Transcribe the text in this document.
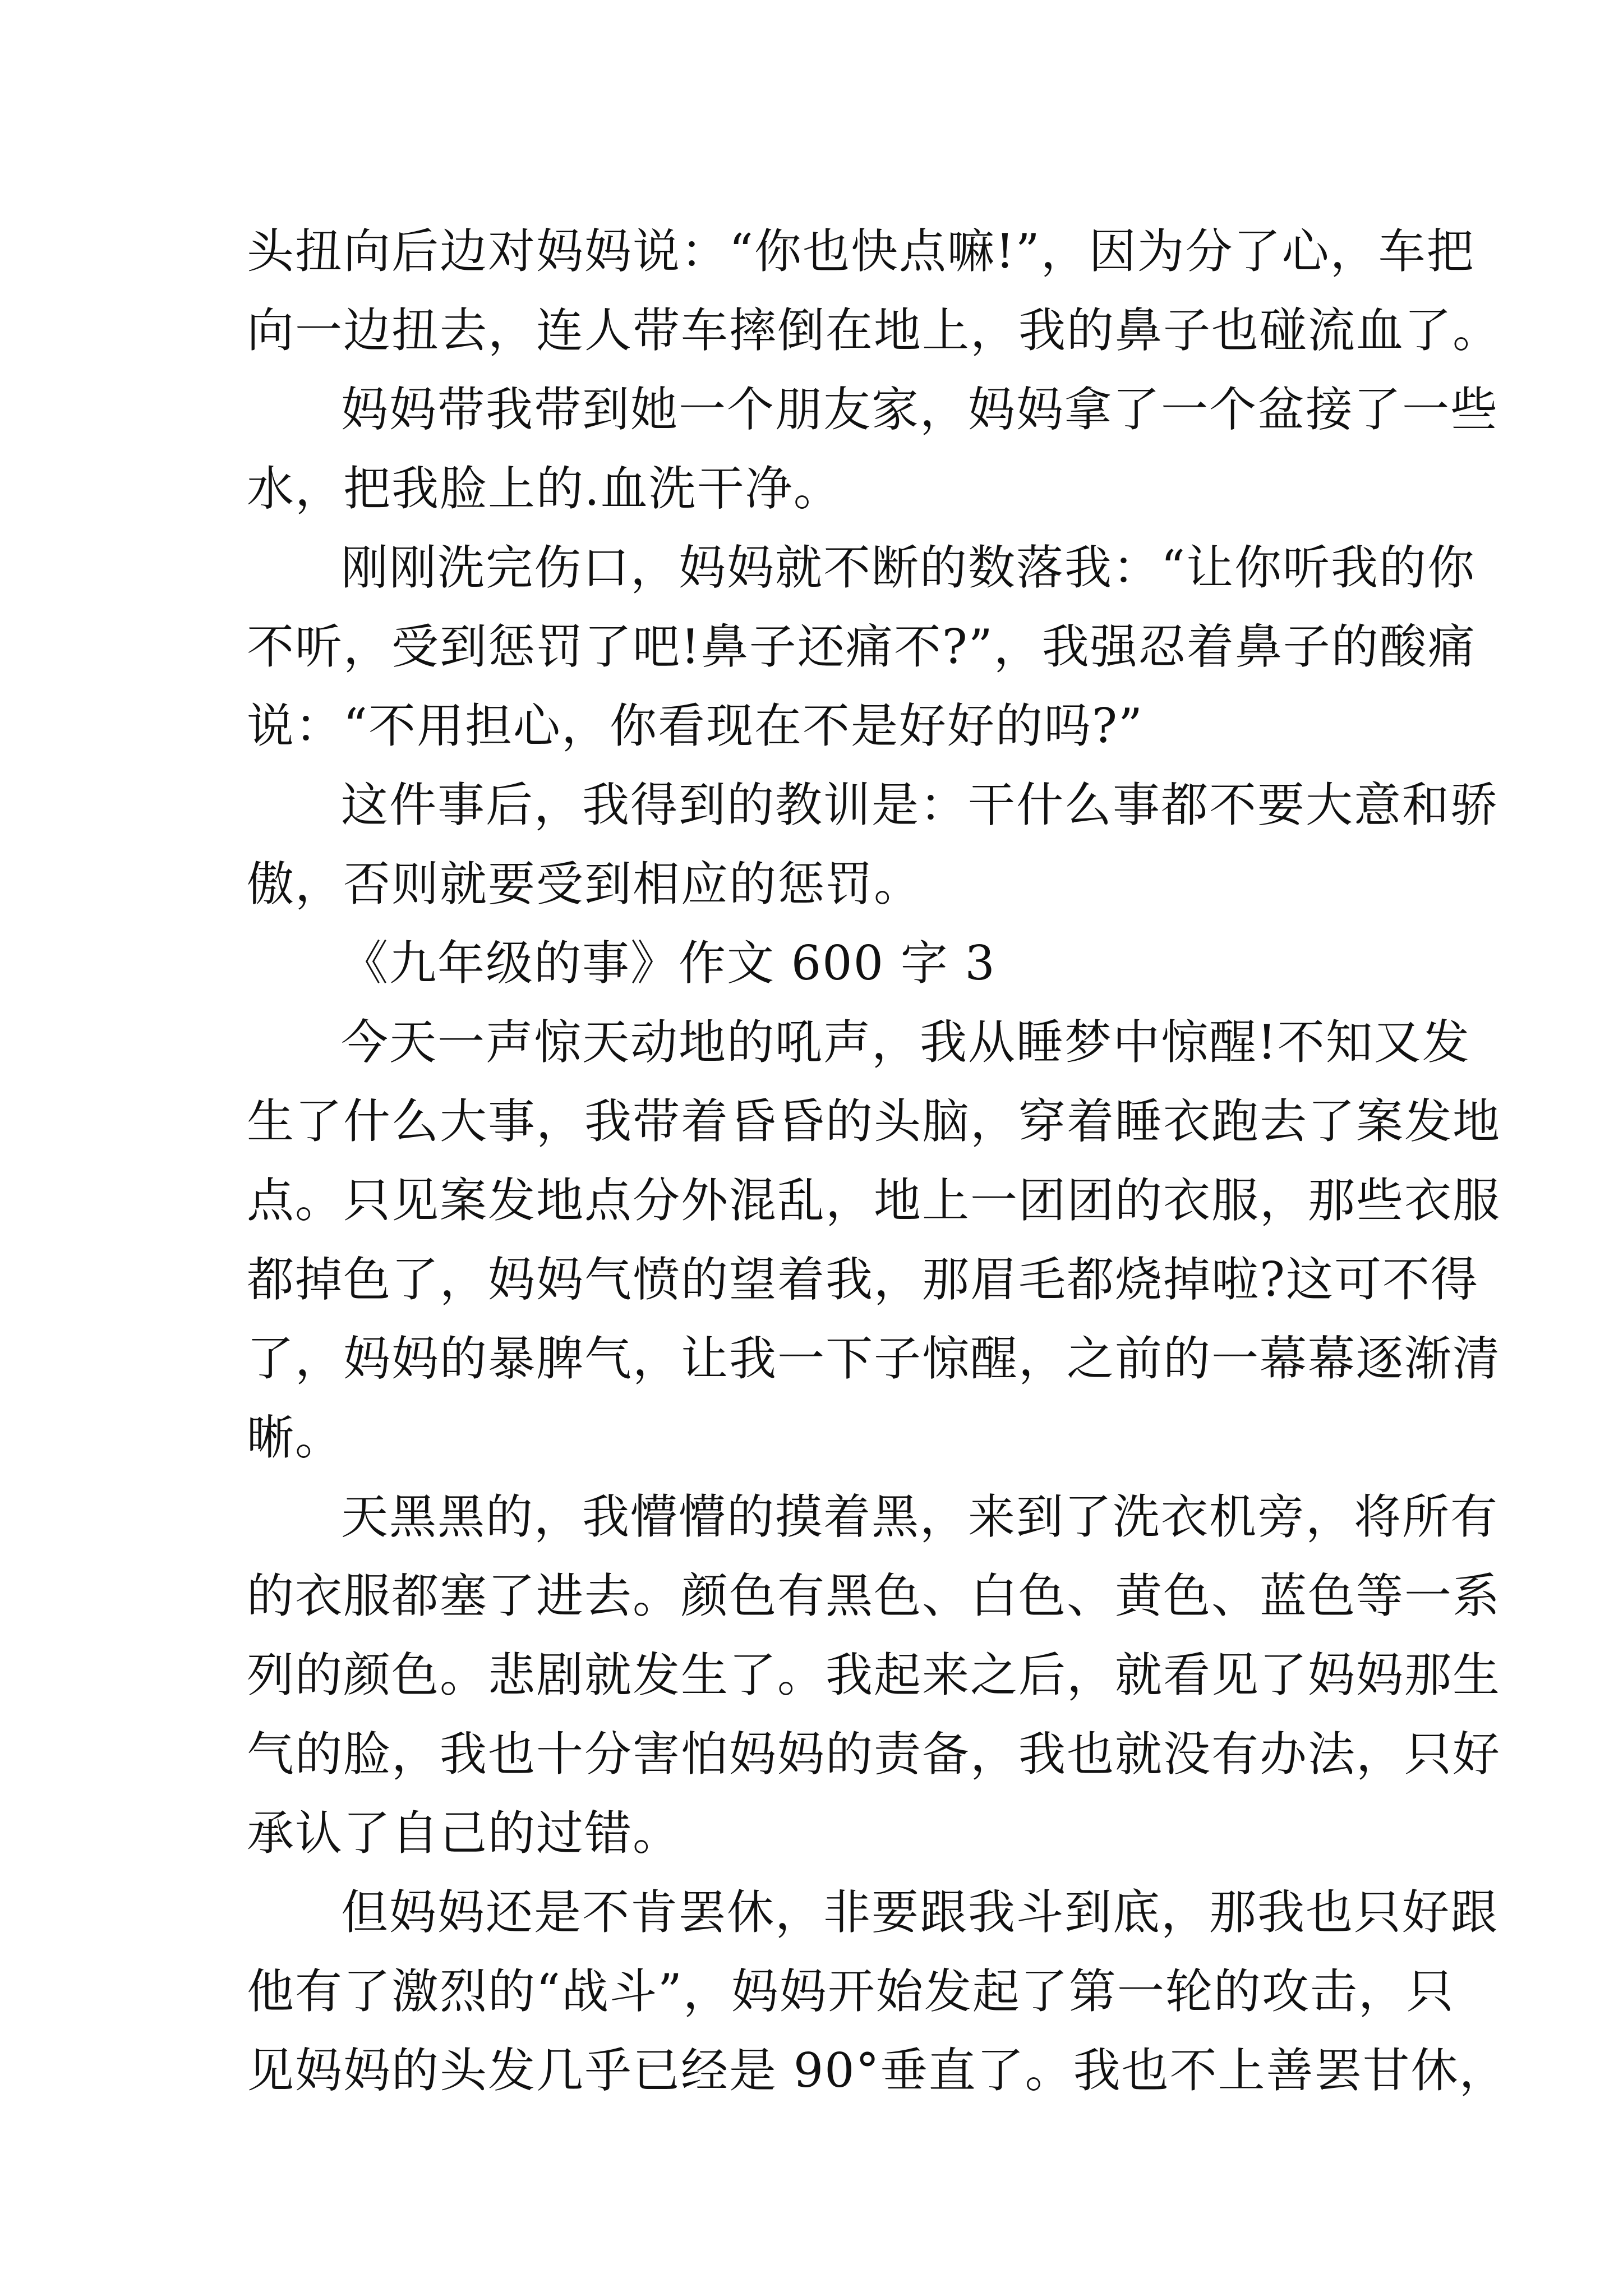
头扭向后边对妈妈说：“你也快点嘛!”，因为分了心，车把

向一边扭去，连人带车摔倒在地上，我的鼻子也碰流血了。

妈妈带我带到她一个朋友家，妈妈拿了一个盆接了一些

水，把我脸上的.血洗干净。

刚刚洗完伤口，妈妈就不断的数落我：“让你听我的你

不听，受到惩罚了吧!鼻子还痛不?”，我强忍着鼻子的酸痛

说：“不用担心，你看现在不是好好的吗?”

这件事后，我得到的教训是：干什么事都不要大意和骄

傲，否则就要受到相应的惩罚。

《九年级的事》作文 600 字 3

今天一声惊天动地的吼声，我从睡梦中惊醒!不知又发

生了什么大事，我带着昏昏的头脑，穿着睡衣跑去了案发地

点。只见案发地点分外混乱，地上一团团的衣服，那些衣服

都掉色了，妈妈气愤的望着我，那眉毛都烧掉啦?这可不得

了，妈妈的暴脾气，让我一下子惊醒，之前的一幕幕逐渐清

晰。

天黑黑的，我懵懵的摸着黑，来到了洗衣机旁，将所有

的衣服都塞了进去。颜色有黑色、白色、黄色、蓝色等一系

列的颜色。悲剧就发生了。我起来之后，就看见了妈妈那生

气的脸，我也十分害怕妈妈的责备，我也就没有办法，只好

承认了自己的过错。

但妈妈还是不肯罢休，非要跟我斗到底，那我也只好跟

他有了激烈的“战斗”，妈妈开始发起了第一轮的攻击，只

见妈妈的头发几乎已经是 90°垂直了。我也不上善罢甘休，
